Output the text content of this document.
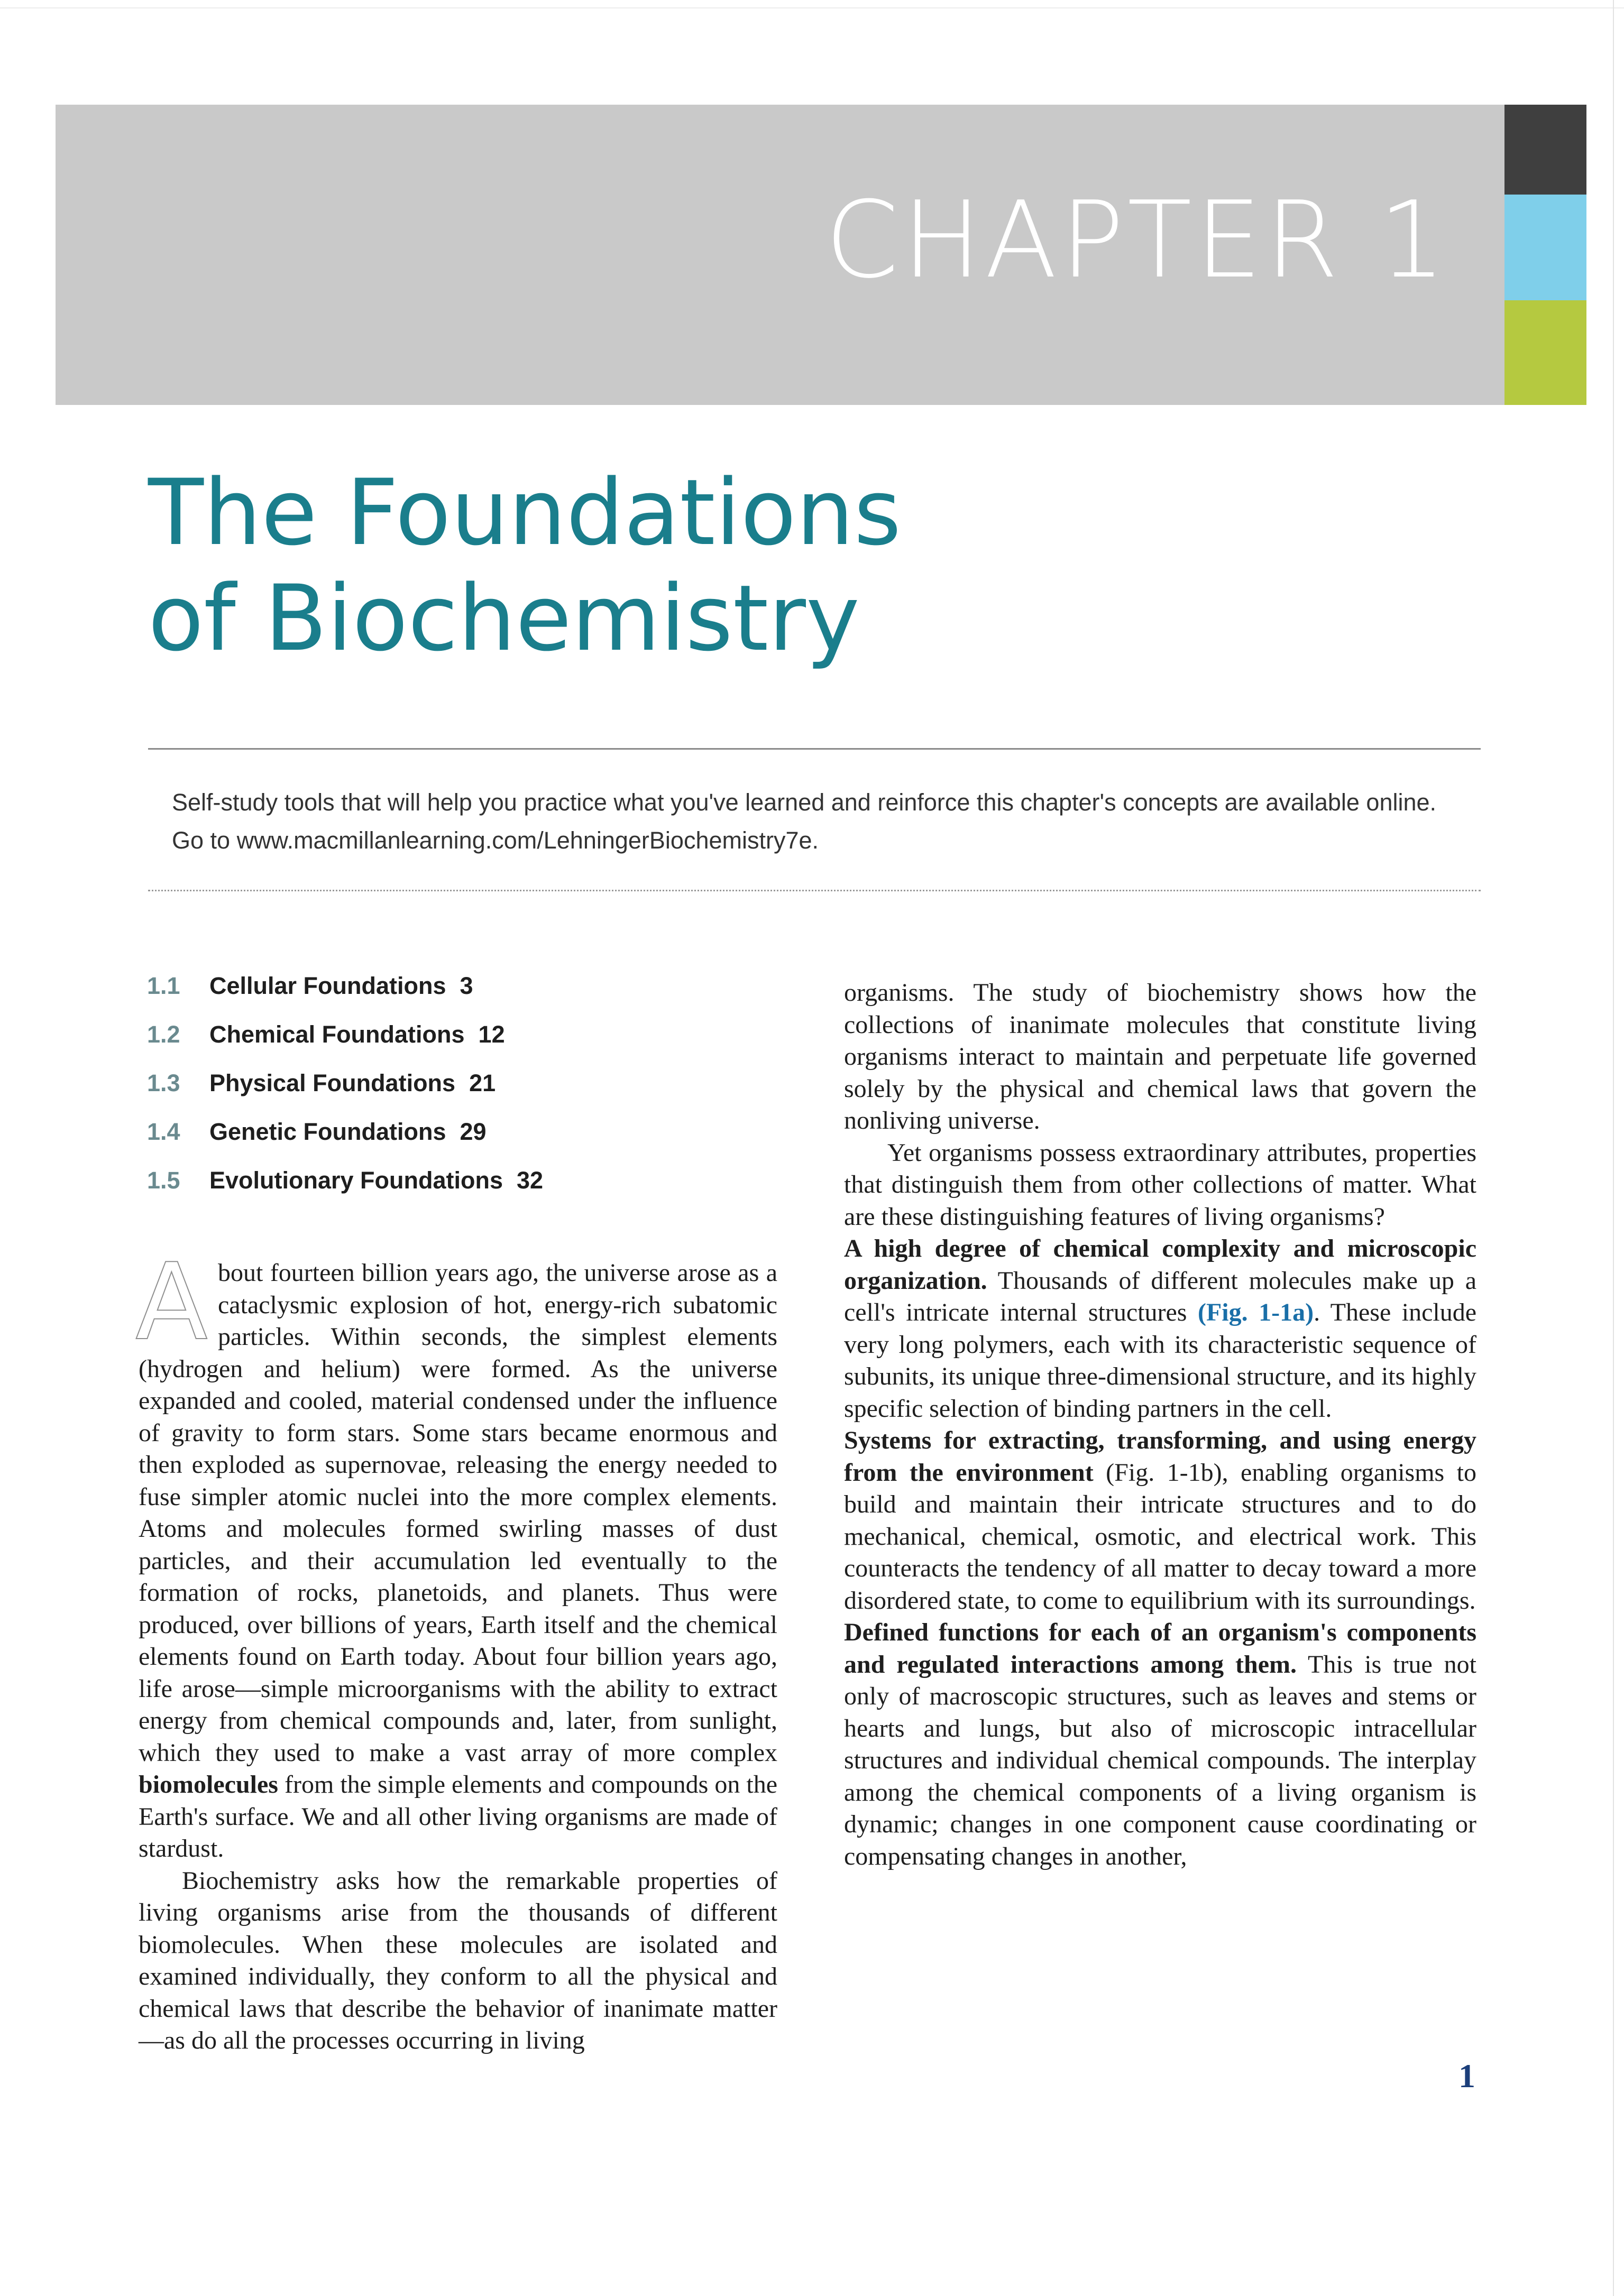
CHAPTER 1
The Foundations
of Biochemistry
Self-study tools that will help you practice what you've learned and reinforce this chapter's concepts are available online.
Go to www.macmillanlearning.com/LehningerBiochemistry7e.
1.1 Cellular Foundations 3
1.2 Chemical Foundations 12
1.3 Physical Foundations 21
1.4 Genetic Foundations 29
1.5 Evolutionary Foundations 32
A bout fourteen billion years ago, the universe arose as a cataclysmic explosion of hot, energy-rich subatomic particles. Within seconds, the simplest elements (hydrogen and helium) were formed. As the universe expanded and cooled, material condensed under the influence of gravity to form stars. Some stars became enormous and then exploded as supernovae, releasing the energy needed to fuse simpler atomic nuclei into the more complex elements. Atoms and molecules formed swirling masses of dust particles, and their accumulation led eventually to the formation of rocks, planetoids, and planets. Thus were produced, over billions of years, Earth itself and the chemical elements found on Earth today. About four billion years ago, life arose—simple microorganisms with the ability to extract energy from chemical compounds and, later, from sunlight, which they used to make a vast array of more complex biomolecules from the simple elements and compounds on the Earth's surface. We and all other living organisms are made of stardust.

Biochemistry asks how the remarkable properties of living organisms arise from the thousands of different biomolecules. When these molecules are isolated and examined individually, they conform to all the physical and chemical laws that describe the behavior of inanimate matter—as do all the processes occurring in living

organisms. The study of biochemistry shows how the collections of inanimate molecules that constitute living organisms interact to maintain and perpetuate life governed solely by the physical and chemical laws that govern the nonliving universe.

Yet organisms possess extraordinary attributes, properties that distinguish them from other collections of matter. What are these distinguishing features of living organisms?

A high degree of chemical complexity and microscopic organization. Thousands of different molecules make up a cell's intricate internal structures (Fig. 1-1a). These include very long polymers, each with its characteristic sequence of subunits, its unique three-dimensional structure, and its highly specific selection of binding partners in the cell.

Systems for extracting, transforming, and using energy from the environment (Fig. 1-1b), enabling organisms to build and maintain their intricate structures and to do mechanical, chemical, osmotic, and electrical work. This counteracts the tendency of all matter to decay toward a more disordered state, to come to equilibrium with its surroundings.

Defined functions for each of an organism's components and regulated interactions among them. This is true not only of macroscopic structures, such as leaves and stems or hearts and lungs, but also of microscopic intracellular structures and individual chemical compounds. The interplay among the chemical components of a living organism is dynamic; changes in one component cause coordinating or compensating changes in another,

1
